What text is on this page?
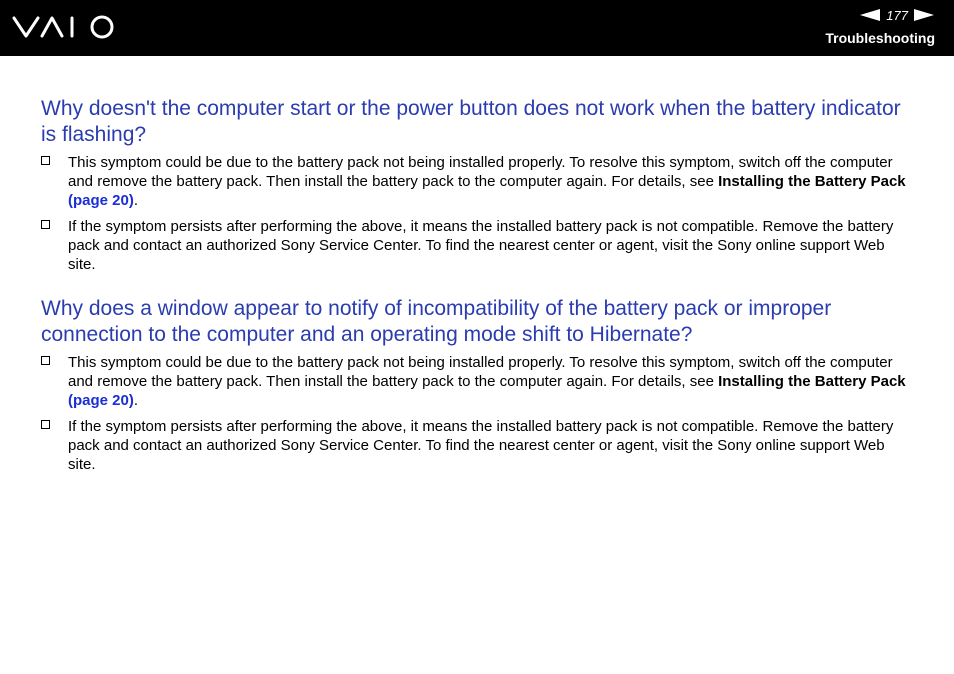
VAIO	177
Troubleshooting
Why doesn't the computer start or the power button does not work when the battery indicator is flashing?
This symptom could be due to the battery pack not being installed properly. To resolve this symptom, switch off the computer and remove the battery pack. Then install the battery pack to the computer again. For details, see Installing the Battery Pack (page 20).
If the symptom persists after performing the above, it means the installed battery pack is not compatible. Remove the battery pack and contact an authorized Sony Service Center. To find the nearest center or agent, visit the Sony online support Web site.
Why does a window appear to notify of incompatibility of the battery pack or improper connection to the computer and an operating mode shift to Hibernate?
This symptom could be due to the battery pack not being installed properly. To resolve this symptom, switch off the computer and remove the battery pack. Then install the battery pack to the computer again. For details, see Installing the Battery Pack (page 20).
If the symptom persists after performing the above, it means the installed battery pack is not compatible. Remove the battery pack and contact an authorized Sony Service Center. To find the nearest center or agent, visit the Sony online support Web site.
